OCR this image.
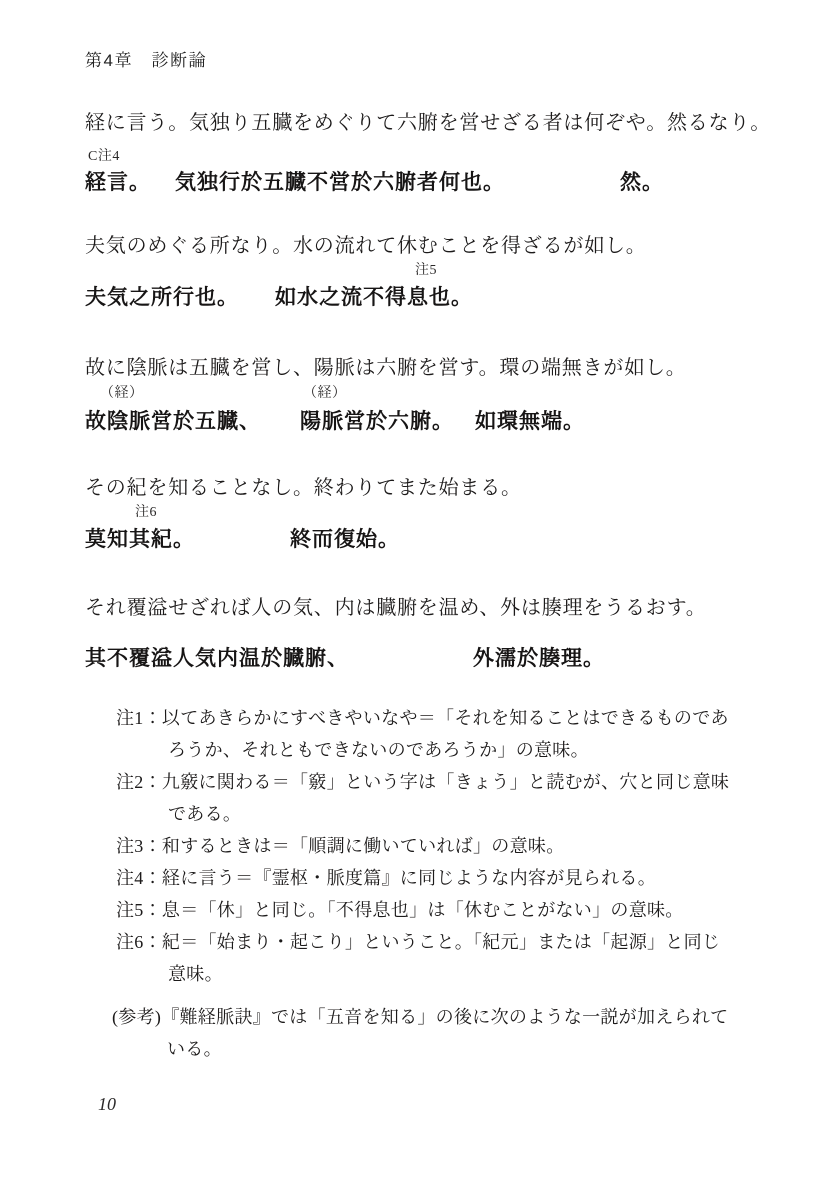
第4章　診断論
経に言う。気独り五臓をめぐりて六腑を営せざる者は何ぞや。然るなり。
C注4
経言。 気独行於五臓不営於六腑者何也。	然。
夫気のめぐる所なり。水の流れて休むことを得ざるが如し。
注5
夫気之所行也。 如水之流不得息也。
故に陰脈は五臓を営し、陽脈は六腑を営す。環の端無きが如し。
（経）	（経）
故陰脈営於五臓、 陽脈営於六腑。 如環無端。
その紀を知ることなし。終わりてまた始まる。
注6
莫知其紀。	終而復始。
それ覆溢せざれば人の気、内は臓腑を温め、外は腠理をうるおす。
其不覆溢人気内温於臓腑、	外濡於腠理。
注1：以てあきらかにすべきやいなや＝「それを知ることはできるものであ
ろうか、それともできないのであろうか」の意味。
注2：九竅に関わる＝「竅」という字は「きょう」と読むが、穴と同じ意味
である。
注3：和するときは＝「順調に働いていれば」の意味。
注4：経に言う＝『霊枢・脈度篇』に同じような内容が見られる。
注5：息＝「休」と同じ。「不得息也」は「休むことがない」の意味。
注6：紀＝「始まり・起こり」ということ。「紀元」または「起源」と同じ
意味。
(参考)『難経脈訣』では「五音を知る」の後に次のような一説が加えられて
いる。
10
